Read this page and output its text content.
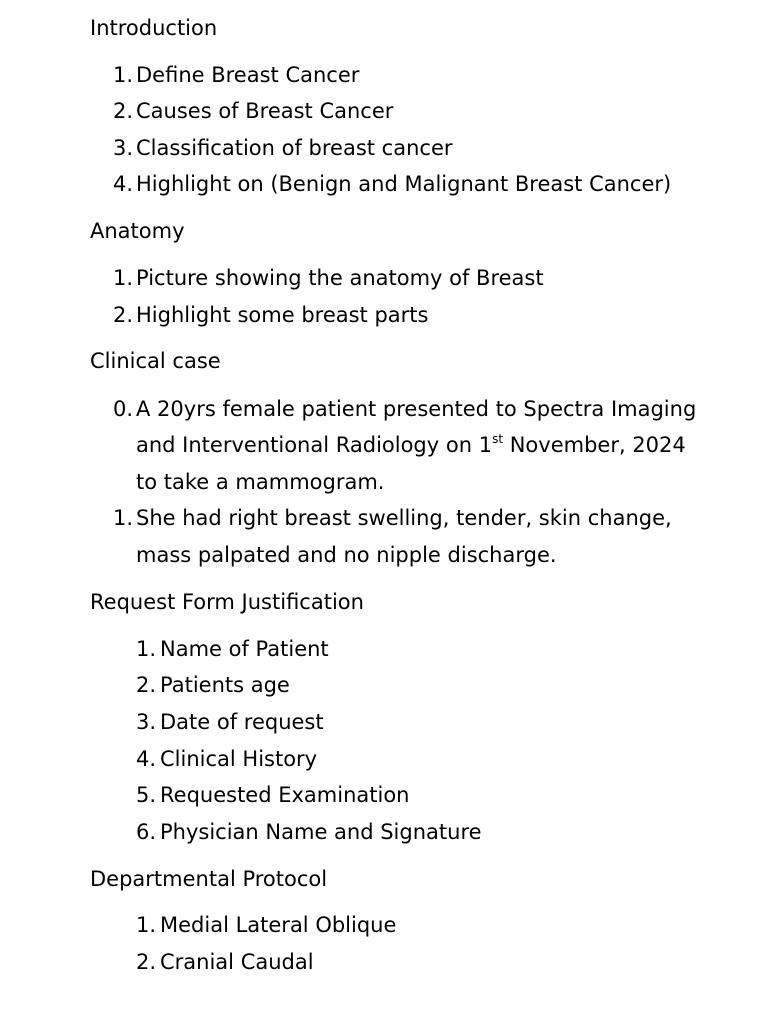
Introduction
1. Define Breast Cancer
2. Causes of Breast Cancer
3. Classification of breast cancer
4. Highlight on (Benign and Malignant Breast Cancer)
Anatomy
1. Picture showing the anatomy of Breast
2. Highlight some breast parts
Clinical case
0. A 20yrs female patient presented to Spectra Imaging
and Interventional Radiology on 1st November, 2024
to take a mammogram.
1. She had right breast swelling, tender, skin change,
mass palpated and no nipple discharge.
Request Form Justification
1. Name of Patient
2. Patients age
3. Date of request
4. Clinical History
5. Requested Examination
6. Physician Name and Signature
Departmental Protocol
1. Medial Lateral Oblique
2. Cranial Caudal
